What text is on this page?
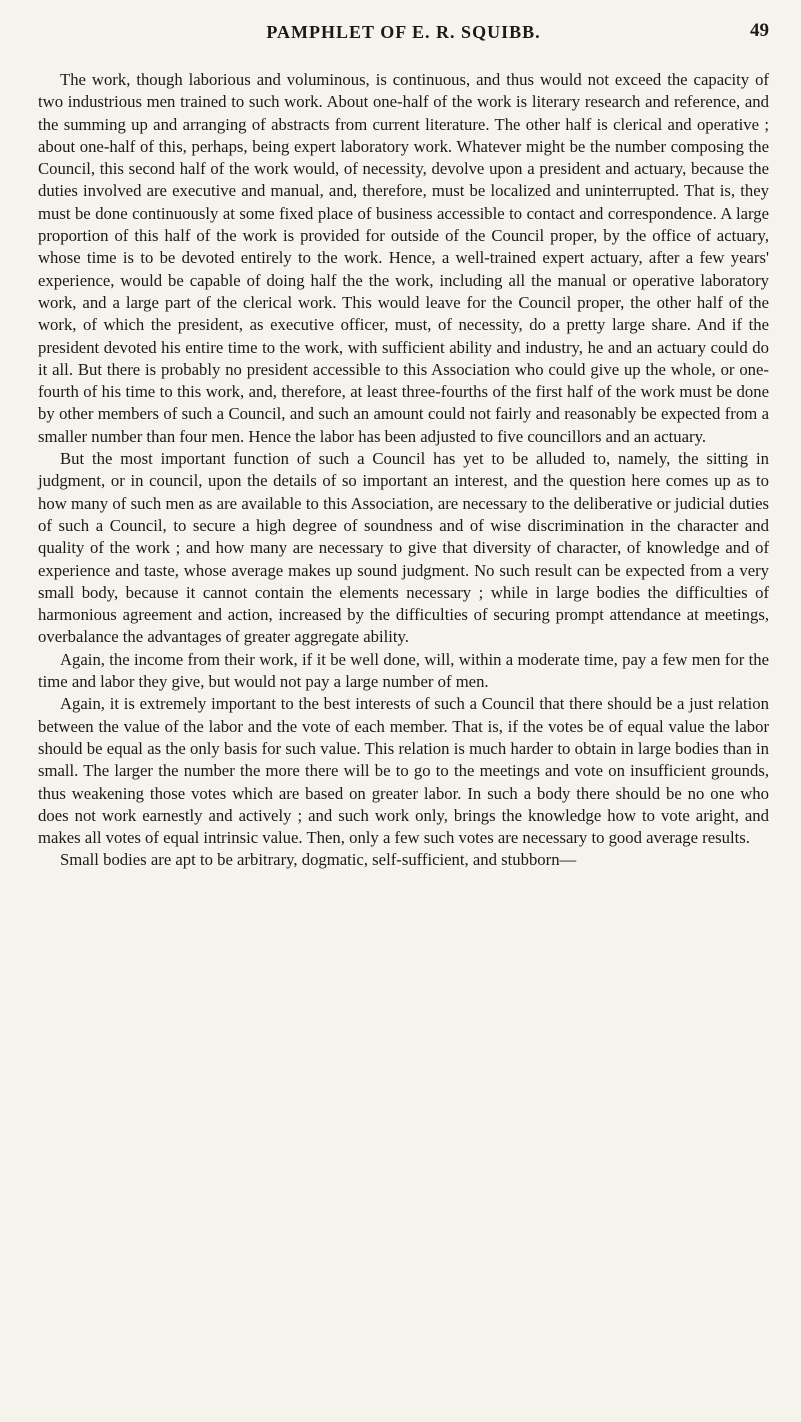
PAMPHLET OF E. R. SQUIBB.	49

The work, though laborious and voluminous, is continuous, and thus would not exceed the capacity of two industrious men trained to such work. About one-half of the work is literary research and reference, and the summing up and arranging of abstracts from current literature. The other half is clerical and operative ; about one-half of this, perhaps, being expert laboratory work. Whatever might be the number composing the Council, this second half of the work would, of necessity, devolve upon a president and actuary, because the duties involved are executive and manual, and, therefore, must be localized and uninterrupted. That is, they must be done continuously at some fixed place of business accessible to contact and correspondence. A large proportion of this half of the work is provided for outside of the Council proper, by the office of actuary, whose time is to be devoted entirely to the work. Hence, a well-trained expert actuary, after a few years' experience, would be capable of doing half the the work, including all the manual or operative laboratory work, and a large part of the clerical work. This would leave for the Council proper, the other half of the work, of which the president, as executive officer, must, of necessity, do a pretty large share. And if the president devoted his entire time to the work, with sufficient ability and industry, he and an actuary could do it all. But there is probably no president accessible to this Association who could give up the whole, or one-fourth of his time to this work, and, therefore, at least three-fourths of the first half of the work must be done by other members of such a Council, and such an amount could not fairly and reasonably be expected from a smaller number than four men. Hence the labor has been adjusted to five councillors and an actuary.

But the most important function of such a Council has yet to be alluded to, namely, the sitting in judgment, or in council, upon the details of so important an interest, and the question here comes up as to how many of such men as are available to this Association, are necessary to the deliberative or judicial duties of such a Council, to secure a high degree of soundness and of wise discrimination in the character and quality of the work ; and how many are necessary to give that diversity of character, of knowledge and of experience and taste, whose average makes up sound judgment. No such result can be expected from a very small body, because it cannot contain the elements necessary ; while in large bodies the difficulties of harmonious agreement and action, increased by the difficulties of securing prompt attendance at meetings, overbalance the advantages of greater aggregate ability.

Again, the income from their work, if it be well done, will, within a moderate time, pay a few men for the time and labor they give, but would not pay a large number of men.

Again, it is extremely important to the best interests of such a Council that there should be a just relation between the value of the labor and the vote of each member. That is, if the votes be of equal value the labor should be equal as the only basis for such value. This relation is much harder to obtain in large bodies than in small. The larger the number the more there will be to go to the meetings and vote on insufficient grounds, thus weakening those votes which are based on greater labor. In such a body there should be no one who does not work earnestly and actively ; and such work only, brings the knowledge how to vote aright, and makes all votes of equal intrinsic value. Then, only a few such votes are necessary to good average results.

Small bodies are apt to be arbitrary, dogmatic, self-sufficient, and stubborn—
